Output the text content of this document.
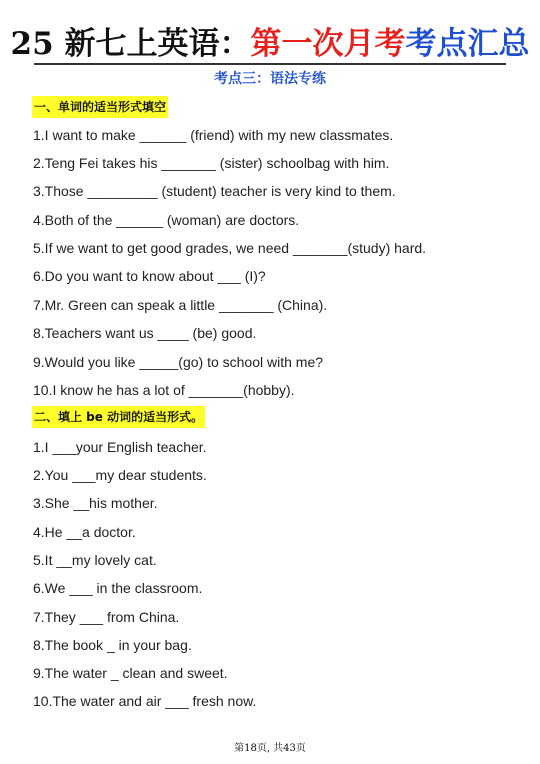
25 新七上英语：第一次月考考点汇总
考点三：语法专练
一、单词的适当形式填空
1.I want to make ______ (friend) with my new classmates.
2.Teng Fei takes his _______ (sister) schoolbag with him.
3.Those _________ (student) teacher is very kind to them.
4.Both of the ______ (woman) are doctors.
5.If we want to get good grades, we need _______(study) hard.
6.Do you want to know about ___ (I)?
7.Mr. Green can speak a little _______ (China).
8.Teachers want us ____ (be) good.
9.Would you like _____(go) to school with me?
10.I know he has a lot of _______(hobby).
二、填上 be 动词的适当形式。
1.I ___your English teacher.
2.You ___my dear students.
3.She __his mother.
4.He __a doctor.
5.It __my lovely cat.
6.We ___ in the classroom.
7.They ___ from China.
8.The book _ in your bag.
9.The water _ clean and sweet.
10.The water and air ___ fresh now.
第18页, 共43页
